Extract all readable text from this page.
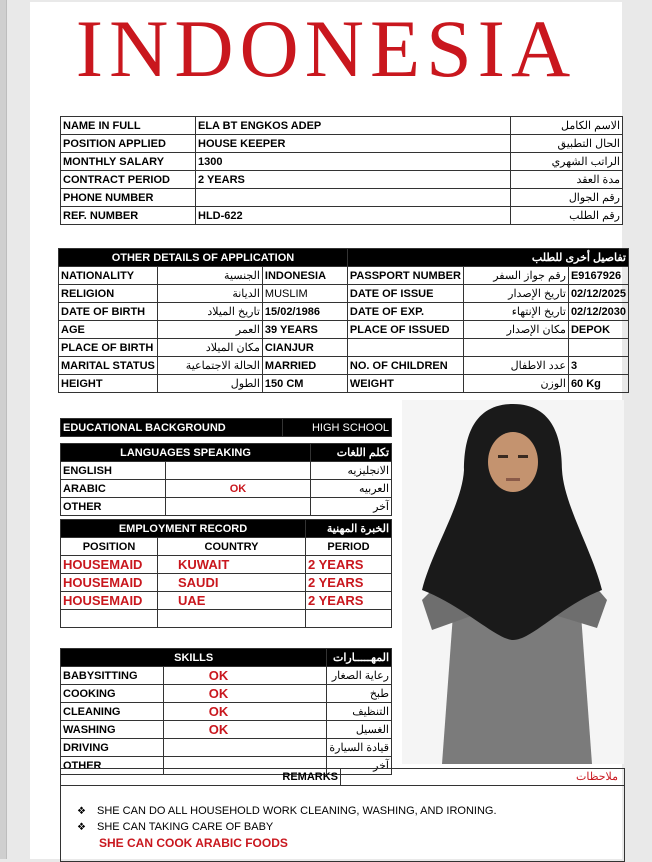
INDONESIA
NAME IN FULL	ELA BT ENGKOS ADEP	الاسم الكامل
POSITION APPLIED	HOUSE KEEPER	الحال التطبيق
MONTHLY SALARY	1300	الراتب الشهري
CONTRACT PERIOD	2 YEARS	مدة العقد
PHONE NUMBER		رقم الجوال
REF. NUMBER	HLD-622	رقم الطلب
OTHER DETAILS OF APPLICATION			تفاصيل أخرى للطلب		
NATIONALITY	الجنسية	INDONESIA	PASSPORT NUMBER	رقم جواز السفر	E9167926
RELIGION	الديانة	MUSLIM	DATE OF ISSUE	تاريخ الإصدار	02/12/2025
DATE OF BIRTH	تاريخ الميلاد	15/02/1986	DATE OF EXP.	تاريخ الإنتهاء	02/12/2030
AGE	العمر	39 YEARS	PLACE OF ISSUED	مكان الإصدار	DEPOK
PLACE OF BIRTH	مكان الميلاد	CIANJUR			
MARITAL STATUS	الحالة الاجتماعية	MARRIED	NO. OF CHILDREN	عدد الاطفال	3
HEIGHT	الطول	150 CM	WEIGHT	الوزن	60 Kg
EDUCATIONAL BACKGROUND	HIGH SCHOOL
LANGUAGES SPEAKING		تكلم اللغات
ENGLISH		الانجليزيه
ARABIC	OK	العربيه
OTHER		آخر
EMPLOYMENT RECORD		الخبرة المهنية
POSITION	COUNTRY	PERIOD
HOUSEMAID	KUWAIT	2 YEARS
HOUSEMAID	SAUDI	2 YEARS
HOUSEMAID	UAE	2 YEARS

SKILLS		المهـــــارات
BABYSITTING	OK	رعاية الصغار
COOKING	OK	طبخ
CLEANING	OK	التنظيف
WASHING	OK	الغسيل
DRIVING		قيادة السيارة
OTHER		آخر
REMARKS	ملاحظات
❖ SHE CAN DO ALL HOUSEHOLD WORK CLEANING, WASHING, AND IRONING.
❖ SHE CAN TAKING CARE OF BABY
SHE CAN COOK ARABIC FOODS
